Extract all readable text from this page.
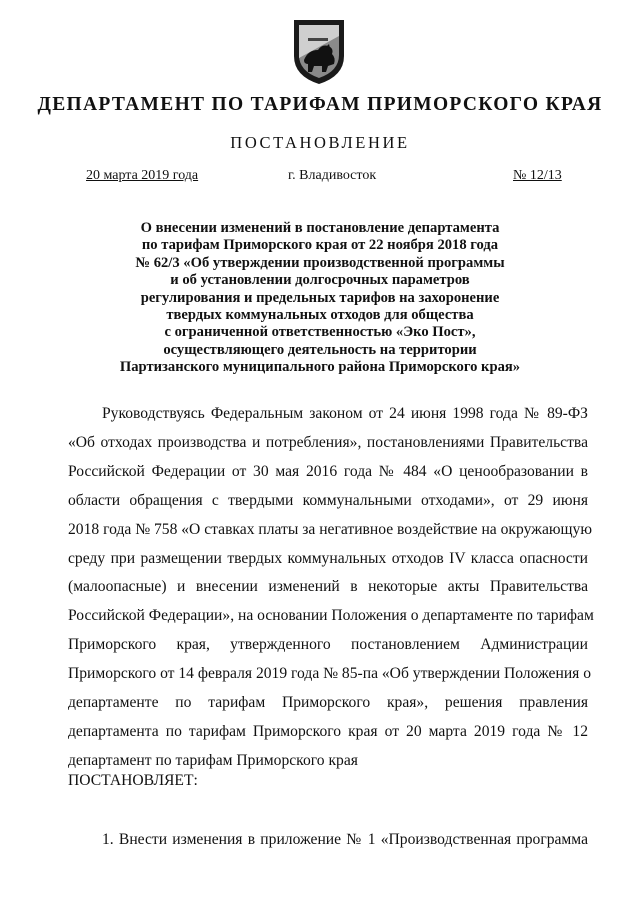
ДЕПАРТАМЕНТ ПО ТАРИФАМ ПРИМОРСКОГО КРАЯ
ПОСТАНОВЛЕНИЕ
20 марта 2019 года	г. Владивосток	№ 12/13
О внесении изменений в постановление департамента
по тарифам Приморского края от 22 ноября 2018 года
№ 62/3 «Об утверждении производственной программы
и об установлении долгосрочных параметров
регулирования и предельных тарифов на захоронение
твердых коммунальных отходов для общества
с ограниченной ответственностью «Эко Пост»,
осуществляющего деятельность на территории
Партизанского муниципального района Приморского края»
Руководствуясь Федеральным законом от 24 июня 1998 года № 89-ФЗ
«Об отходах производства и потребления», постановлениями Правительства
Российской Федерации от 30 мая 2016 года № 484 «О ценообразовании в
области обращения с твердыми коммунальными отходами», от 29 июня
2018 года № 758 «О ставках платы за негативное воздействие на окружающую
среду при размещении твердых коммунальных отходов IV класса опасности
(малоопасные) и внесении изменений в некоторые акты Правительства
Российской Федерации», на основании Положения о департаменте по тарифам
Приморского края, утвержденного постановлением Администрации
Приморского от 14 февраля 2019 года № 85-па «Об утверждении Положения о
департаменте по тарифам Приморского края», решения правления
департамента по тарифам Приморского края от 20 марта 2019 года № 12
департамент по тарифам Приморского края
ПОСТАНОВЛЯЕТ:
1. Внести изменения в приложение № 1 «Производственная программа
